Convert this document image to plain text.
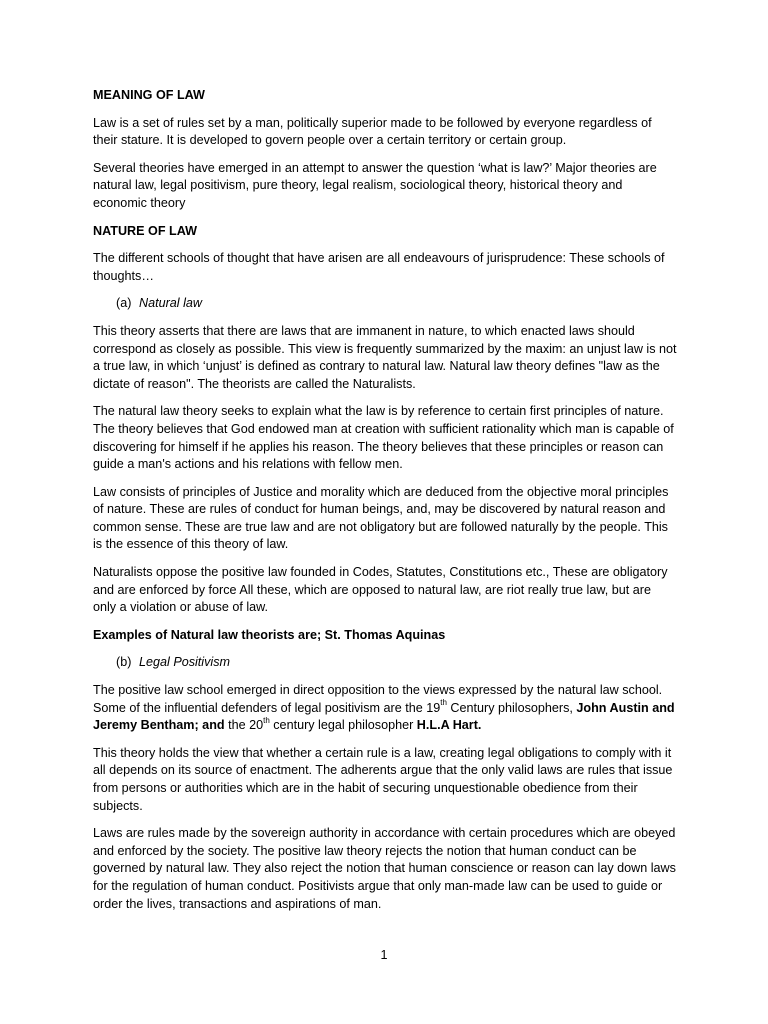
MEANING OF LAW
Law is a set of rules set by a man, politically superior made to be followed by everyone regardless of their stature. It is developed to govern people over a certain territory or certain group.
Several theories have emerged in an attempt to answer the question ‘what is law?’ Major theories are natural law, legal positivism, pure theory, legal realism, sociological theory, historical theory and economic theory
NATURE OF LAW
The different schools of thought that have arisen are all endeavours of jurisprudence: These schools of thoughts…
(a) Natural law
This theory asserts that there are laws that are immanent in nature, to which enacted laws should correspond as closely as possible. This view is frequently summarized by the maxim: an unjust law is not a true law, in which ‘unjust’ is defined as contrary to natural law. Natural law theory defines "law as the dictate of reason". The theorists are called the Naturalists.
The natural law theory seeks to explain what the law is by reference to certain first principles of nature. The theory believes that God endowed man at creation with sufficient rationality which man is capable of discovering for himself if he applies his reason. The theory believes that these principles or reason can guide a man's actions and his relations with fellow men.
Law consists of principles of Justice and morality which are deduced from the objective moral principles of nature. These are rules of conduct for human beings, and, may be discovered by natural reason and common sense. These are true law and are not obligatory but are followed naturally by the people. This is the essence of this theory of law.
Naturalists oppose the positive law founded in Codes, Statutes, Constitutions etc., These are obligatory and are enforced by force All these, which are opposed to natural law, are riot really true law, but are only a violation or abuse of law.
Examples of Natural law theorists are; St. Thomas Aquinas
(b) Legal Positivism
The positive law school emerged in direct opposition to the views expressed by the natural law school. Some of the influential defenders of legal positivism are the 19th Century philosophers, John Austin and Jeremy Bentham; and the 20th century legal philosopher H.L.A Hart.
This theory holds the view that whether a certain rule is a law, creating legal obligations to comply with it all depends on its source of enactment. The adherents argue that the only valid laws are rules that issue from persons or authorities which are in the habit of securing unquestionable obedience from their subjects.
Laws are rules made by the sovereign authority in accordance with certain procedures which are obeyed and enforced by the society. The positive law theory rejects the notion that human conduct can be governed by natural law. They also reject the notion that human conscience or reason can lay down laws for the regulation of human conduct. Positivists argue that only man-made law can be used to guide or order the lives, transactions and aspirations of man.
1
